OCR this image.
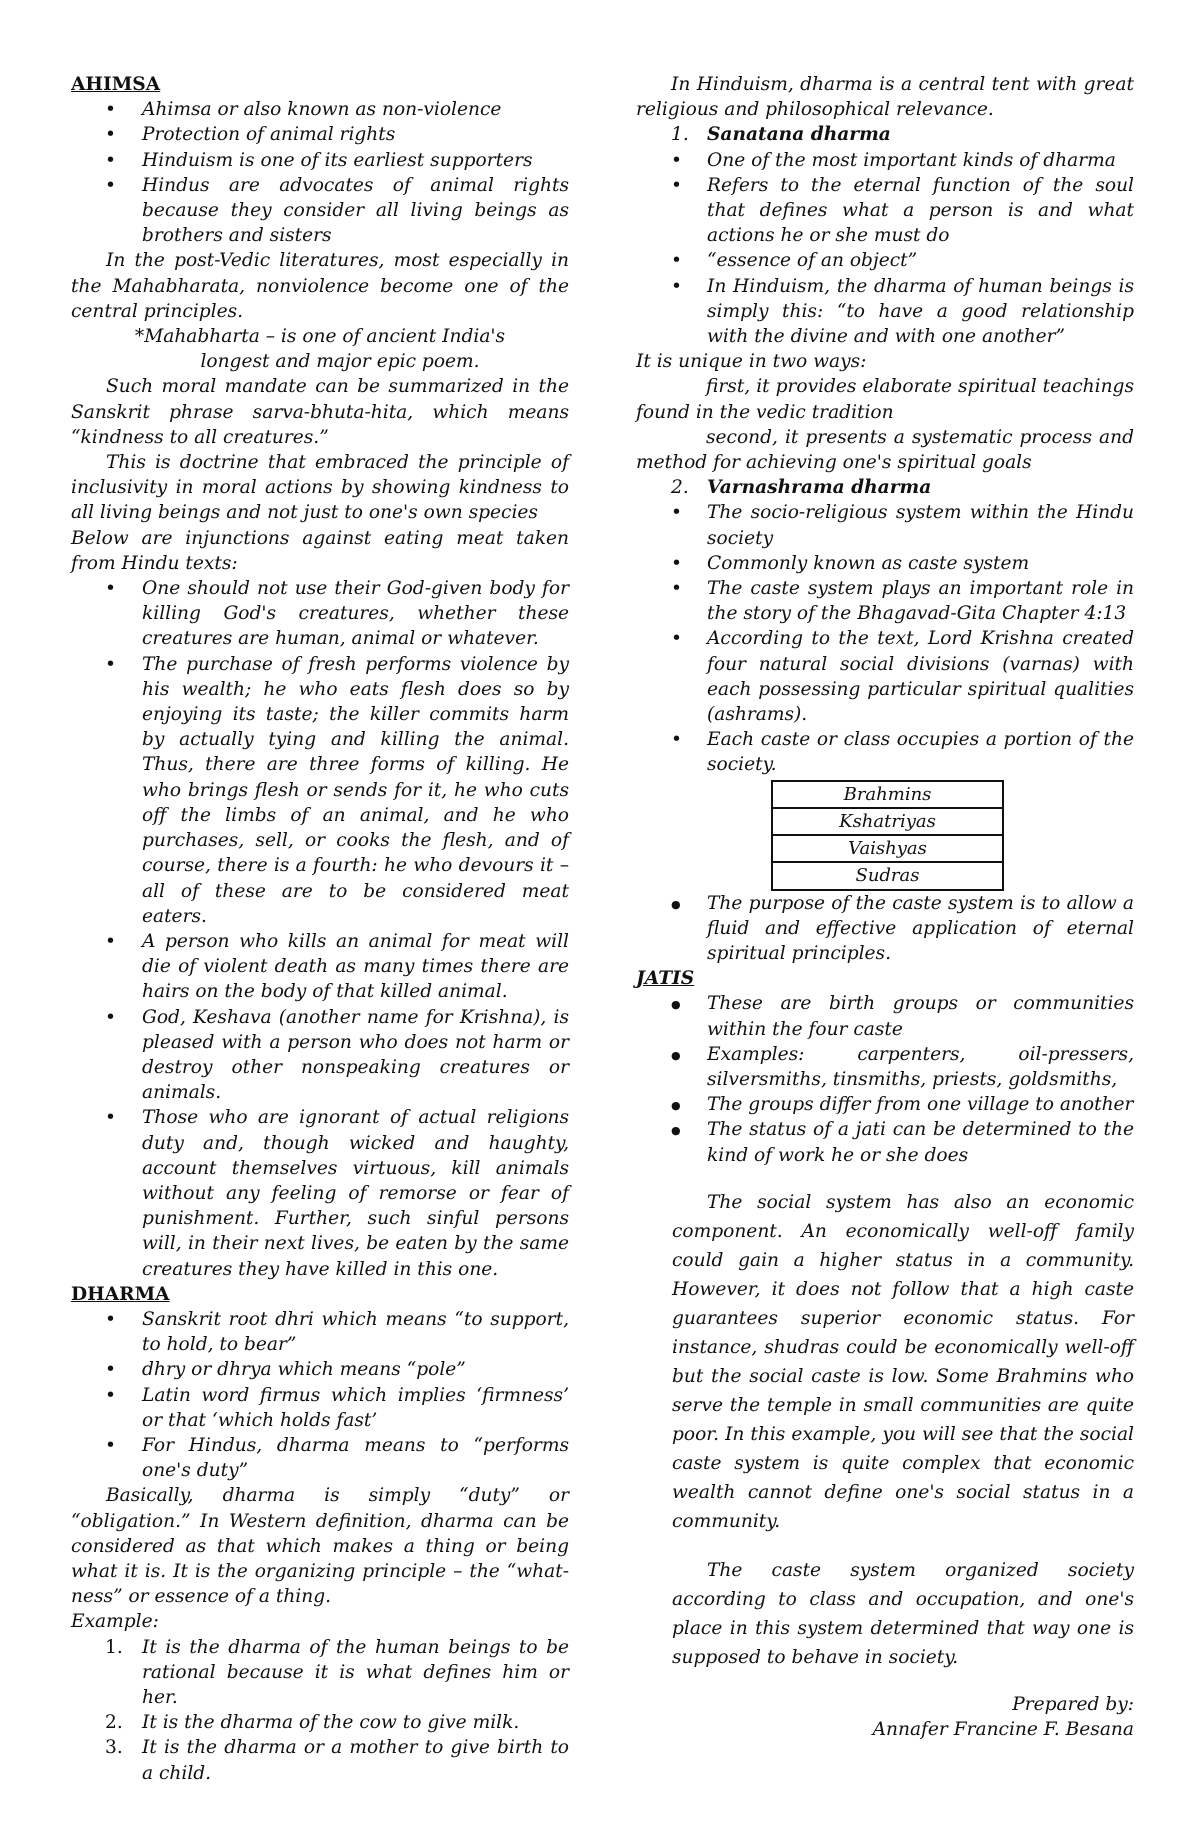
AHIMSA
• Ahimsa or also known as non-violence
• Protection of animal rights
• Hinduism is one of its earliest supporters
• Hindus are advocates of animal rights because they consider all living beings as brothers and sisters

In the post-Vedic literatures, most especially in the Mahabharata, nonviolence become one of the central principles.

*Mahabharta – is one of ancient India's

longest and major epic poem.

Such moral mandate can be summarized in the Sanskrit phrase sarva-bhuta-hita, which means “kindness to all creatures.”

This is doctrine that embraced the principle of inclusivity in moral actions by showing kindness to all living beings and not just to one's own species

Below are injunctions against eating meat taken from Hindu texts:

• One should not use their God-given body for killing God's creatures, whether these creatures are human, animal or whatever.
• The purchase of fresh performs violence by his wealth; he who eats flesh does so by enjoying its taste; the killer commits harm by actually tying and killing the animal. Thus, there are three forms of killing. He who brings flesh or sends for it, he who cuts off the limbs of an animal, and he who purchases, sell, or cooks the flesh, and of course, there is a fourth: he who devours it – all of these are to be considered meat eaters.
• A person who kills an animal for meat will die of violent death as many times there are hairs on the body of that killed animal.
• God, Keshava (another name for Krishna), is pleased with a person who does not harm or destroy other nonspeaking creatures or animals.
• Those who are ignorant of actual religions duty and, though wicked and haughty, account themselves virtuous, kill animals without any feeling of remorse or fear of punishment. Further, such sinful persons will, in their next lives, be eaten by the same creatures they have killed in this one.
DHARMA
• Sanskrit root dhri which means “to support, to hold, to bear”
• dhry or dhrya which means “pole”
• Latin word firmus which implies ‘firmness’ or that ‘which holds fast’
• For Hindus, dharma means to “performs one's duty”

Basically, dharma is simply “duty” or “obligation.” In Western definition, dharma can be considered as that which makes a thing or being what it is. It is the organizing principle – the “what-ness” or essence of a thing.

Example:

1. It is the dharma of the human beings to be rational because it is what defines him or her.
2. It is the dharma of the cow to give milk.
3. It is the dharma or a mother to give birth to a child.

In Hinduism, dharma is a central tent with great religious and philosophical relevance.

1. Sanatana dharma
• One of the most important kinds of dharma
• Refers to the eternal function of the soul that defines what a person is and what actions he or she must do
• “essence of an object”
• In Hinduism, the dharma of human beings is simply this: “to have a good relationship with the divine and with one another”

It is unique in two ways:

first, it provides elaborate spiritual teachings found in the vedic tradition

second, it presents a systematic process and method for achieving one's spiritual goals

2. Varnashrama dharma
• The socio-religious system within the Hindu society
• Commonly known as caste system
• The caste system plays an important role in the story of the Bhagavad-Gita Chapter 4:13
• According to the text, Lord Krishna created four natural social divisions (varnas) with each possessing particular spiritual qualities (ashrams).
• Each caste or class occupies a portion of the society.
Brahmins
Kshatriyas
Vaishyas
Sudras
● The purpose of the caste system is to allow a fluid and effective application of eternal spiritual principles.
JATIS
● These are birth groups or communities within the four caste
● Examples: carpenters, oil-pressers, silversmiths, tinsmiths, priests, goldsmiths,
● The groups differ from one village to another
● The status of a jati can be determined to the kind of work he or she does

The social system has also an economic component. An economically well-off family could gain a higher status in a community. However, it does not follow that a high caste guarantees superior economic status. For instance, shudras could be economically well-off but the social caste is low. Some Brahmins who serve the temple in small communities are quite poor. In this example, you will see that the social caste system is quite complex that economic wealth cannot define one's social status in a community.

The caste system organized society according to class and occupation, and one's place in this system determined that way one is supposed to behave in society.

Prepared by:

Annafer Francine F. Besana
